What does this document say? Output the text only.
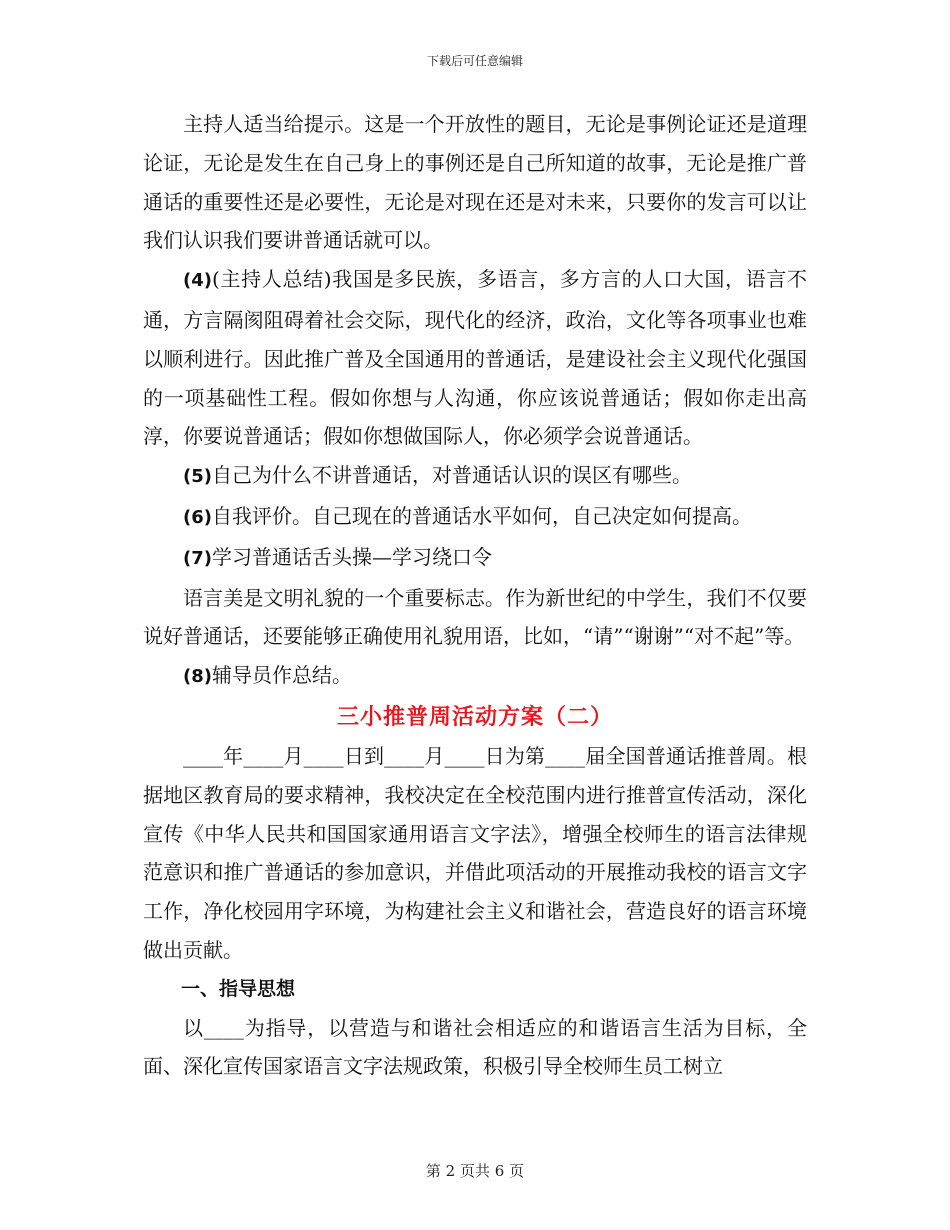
下载后可任意编辑

主持人适当给提示。这是一个开放性的题目，无论是事例论证还是道理论证，无论是发生在自己身上的事例还是自己所知道的故事，无论是推广普通话的重要性还是必要性，无论是对现在还是对未来，只要你的发言可以让我们认识我们要讲普通话就可以。

(4)(主持人总结)我国是多民族，多语言，多方言的人口大国，语言不通，方言隔阂阻碍着社会交际，现代化的经济，政治，文化等各项事业也难以顺利进行。因此推广普及全国通用的普通话，是建设社会主义现代化强国的一项基础性工程。假如你想与人沟通，你应该说普通话；假如你走出高淳，你要说普通话；假如你想做国际人，你必须学会说普通话。

(5)自己为什么不讲普通话，对普通话认识的误区有哪些。

(6)自我评价。自己现在的普通话水平如何，自己决定如何提高。

(7)学习普通话舌头操—学习绕口令

语言美是文明礼貌的一个重要标志。作为新世纪的中学生，我们不仅要说好普通话，还要能够正确使用礼貌用语，比如，“请”“谢谢”“对不起”等。

(8)辅导员作总结。

三小推普周活动方案（二）

____年____月____日到____月____日为第____届全国普通话推普周。根据地区教育局的要求精神，我校决定在全校范围内进行推普宣传活动，深化宣传《中华人民共和国国家通用语言文字法》，增强全校师生的语言法律规范意识和推广普通话的参加意识，并借此项活动的开展推动我校的语言文字工作，净化校园用字环境，为构建社会主义和谐社会，营造良好的语言环境做出贡献。

一、指导思想

以____为指导，以营造与和谐社会相适应的和谐语言生活为目标，全面、深化宣传国家语言文字法规政策，积极引导全校师生员工树立

第 2 页共 6 页
